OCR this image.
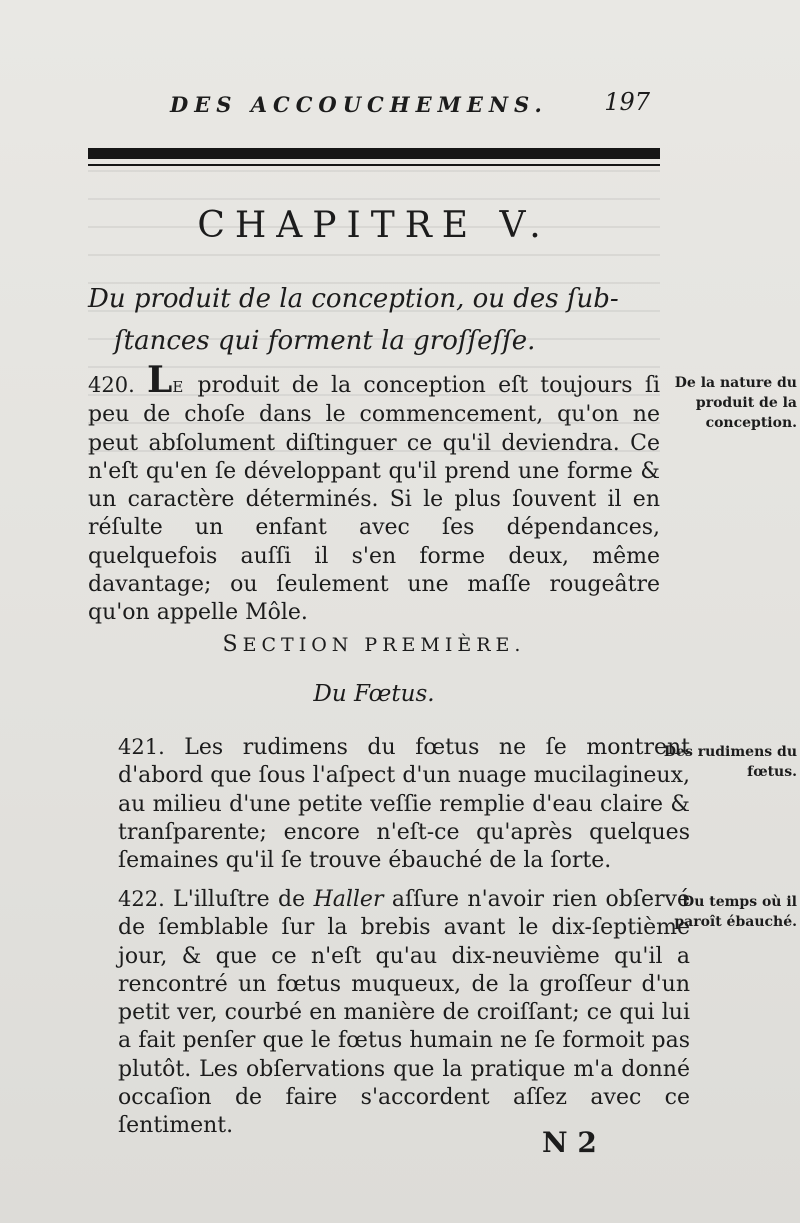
DES ACCOUCHEMENS. 197
CHAPITRE V.
Du produit de la conception, ou des ſub-
ſtances qui forment la groſſeſſe.
420. LE produit de la conception eſt toujours ſi peu de choſe dans le commencement, qu'on ne peut abſolument diſtinguer ce qu'il deviendra. Ce n'eſt qu'en ſe développant qu'il prend une forme & un caractère déterminés. Si le plus ſouvent il en réſulte un enfant avec ſes dépendances, quelquefois auſſi il s'en forme deux, même davantage; ou ſeulement une maſſe rougeâtre qu'on appelle Môle.
De la nature du produit de la conception.
SECTION PREMIÈRE.
Du Fœtus.
421. Les rudimens du fœtus ne ſe montrent d'abord que ſous l'aſpect d'un nuage mucilagineux, au milieu d'une petite veſſie remplie d'eau claire & tranſparente; encore n'eſt-ce qu'après quelques ſemaines qu'il ſe trouve ébauché de la ſorte.
Des rudimens du fœtus.
422. L'illuſtre de Haller aſſure n'avoir rien obſervé de ſemblable ſur la brebis avant le dix-ſeptième jour, & que ce n'eſt qu'au dix-neuvième qu'il a rencontré un fœtus muqueux, de la groſſeur d'un petit ver, courbé en manière de croiſſant; ce qui lui a fait penſer que le fœtus humain ne ſe formoit pas plutôt. Les obſervations que la pratique m'a donné occaſion de faire s'accordent aſſez avec ce ſentiment.
Du temps où il paroît ébauché.
N 2
